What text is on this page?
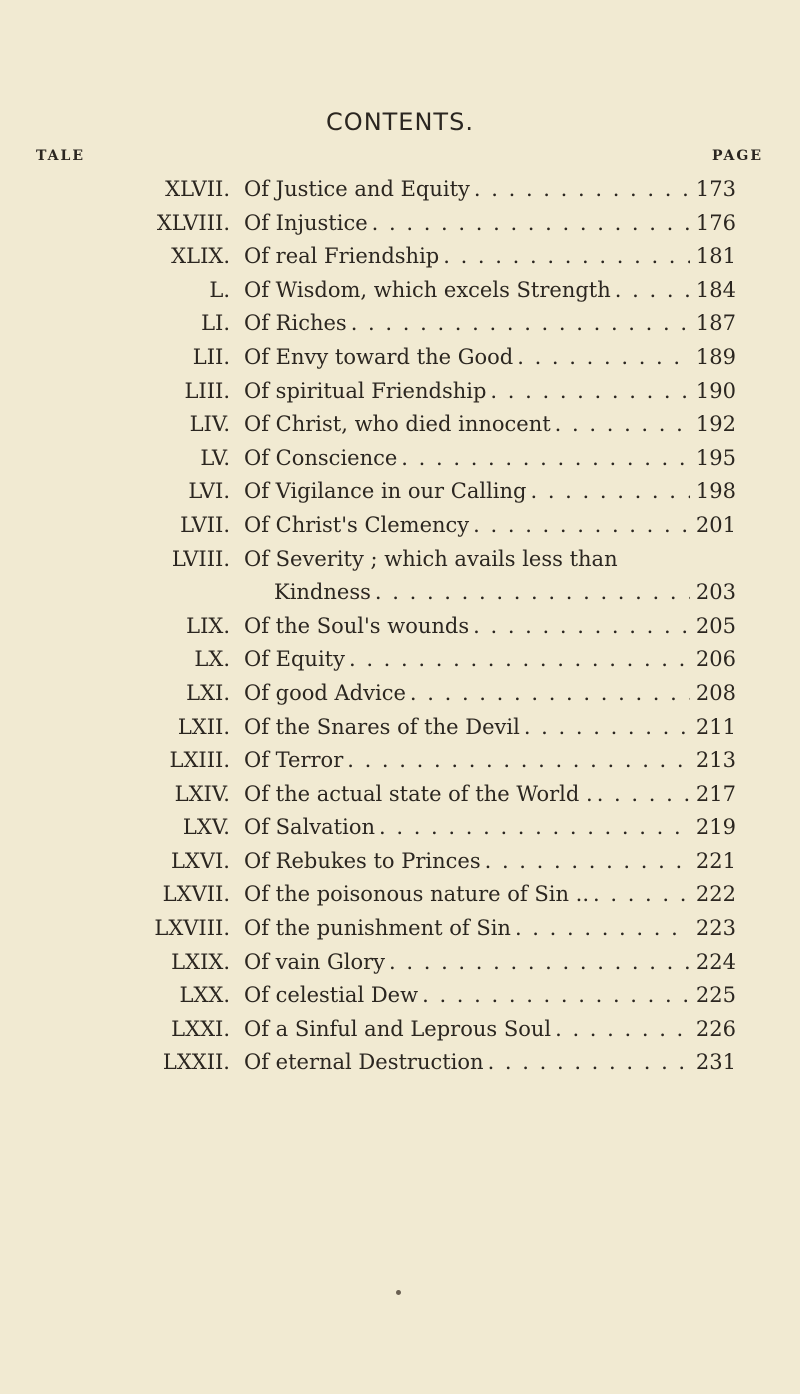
CONTENTS.
TALE	PAGE
XLVII. Of Justice and Equity . . .	173
XLVIII. Of Injustice . . .	176
XLIX. Of real Friendship . . .	181
L. Of Wisdom, which excels Strength . . .	184
LI. Of Riches . . .	187
LII. Of Envy toward the Good . . .	189
LIII. Of spiritual Friendship . . .	190
LIV. Of Christ, who died innocent . . .	192
LV. Of Conscience . . .	195
LVI. Of Vigilance in our Calling . . .	198
LVII. Of Christ's Clemency . . .	201
LVIII. Of Severity ; which avails less than
Kindness . . .	203
LIX. Of the Soul's wounds . . .	205
LX. Of Equity . . .	206
LXI. Of good Advice . . .	208
LXII. Of the Snares of the Devil . . .	211
LXIII. Of Terror . . .	213
LXIV. Of the actual state of the World . . . .	217
LXV. Of Salvation . . .	219
LXVI. Of Rebukes to Princes . . .	221
LXVII. Of the poisonous nature of Sin .. . . .	222
LXVIII. Of the punishment of Sin . . .	223
LXIX. Of vain Glory . . .	224
LXX. Of celestial Dew . . .	225
LXXI. Of a Sinful and Leprous Soul . . .	226
LXXII. Of eternal Destruction . . .	231
